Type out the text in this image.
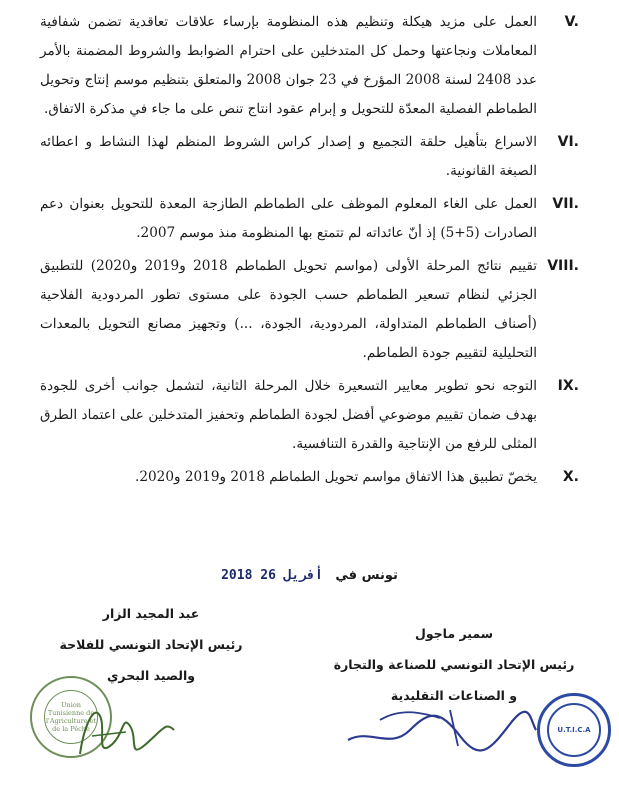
V.
العمل على مزيد هيكلة وتنظيم هذه المنظومة بإرساء علاقات تعاقدية تضمن شفافية المعاملات ونجاعتها وحمل كل المتدخلين على احترام الضوابط والشروط المضمنة بالأمر عدد 2408 لسنة 2008 المؤرخ في 23 جوان 2008 والمتعلق بتنظيم موسم إنتاج وتحويل الطماطم الفصلية المعدّة للتحويل و إبرام عقود انتاج تنص على ما جاء في مذكرة الاتفاق.
VI.
الاسراع بتأهيل حلقة التجميع و إصدار كراس الشروط المنظم لهذا النشاط و اعطائه الصبغة القانونية.
VII.
العمل على الغاء المعلوم الموظف على الطماطم الطازجة المعدة للتحويل بعنوان دعم الصادرات (5+5) إذ أنّ عائداته لم تتمتع بها المنظومة منذ موسم 2007.
VIII.
تقييم نتائج المرحلة الأولى (مواسم تحويل الطماطم 2018 و2019 و2020) للتطبيق الجزئي لنظام تسعير الطماطم حسب الجودة على مستوى تطور المردودية الفلاحية (أصناف الطماطم المتداولة، المردودية، الجودة، ...) وتجهيز مصانع التحويل بالمعدات التحليلية لتقييم جودة الطماطم.
IX.
التوجه نحو تطوير معايير التسعيرة خلال المرحلة الثانية، لتشمل جوانب أخرى للجودة بهدف ضمان تقييم موضوعي أفضل لجودة الطماطم وتحفيز المتدخلين على اعتماد الطرق المثلى للرفع من الإنتاجية والقدرة التنافسية.
X.
يخصّ تطبيق هذا الاتفاق مواسم تحويل الطماطم 2018 و2019 و2020.
تونس في 2018 26 أفريل
سمير ماجول
رئيس الإتحاد التونسي للصناعة والتجارة
و الصناعات التقليدية
عبد المجيد الزار
رئيس الإتحاد التونسي للفلاحة
والصيد البحري
U.T.I.C.A
Union Tunisienne de l'Agriculture et de la Pêche
